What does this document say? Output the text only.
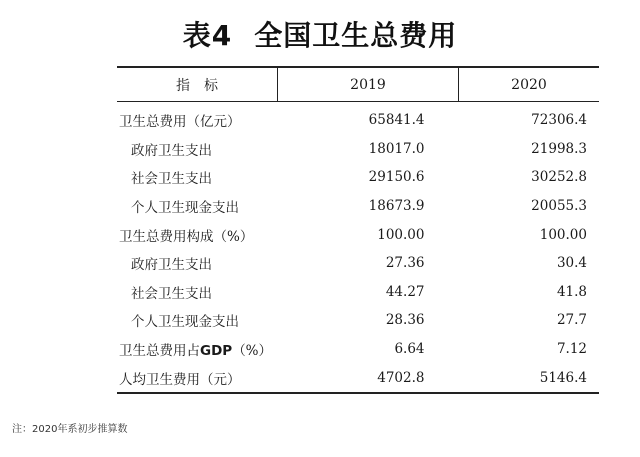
表4 全国卫生总费用
指　标	2019	2020
卫生总费用（亿元）	65841.4	72306.4
政府卫生支出	18017.0	21998.3
社会卫生支出	29150.6	30252.8
个人卫生现金支出	18673.9	20055.3
卫生总费用构成（%）	100.00	100.00
政府卫生支出	27.36	30.4
社会卫生支出	44.27	41.8
个人卫生现金支出	28.36	27.7
卫生总费用占GDP（%）	6.64	7.12
人均卫生费用（元）	4702.8	5146.4
注：2020年系初步推算数
